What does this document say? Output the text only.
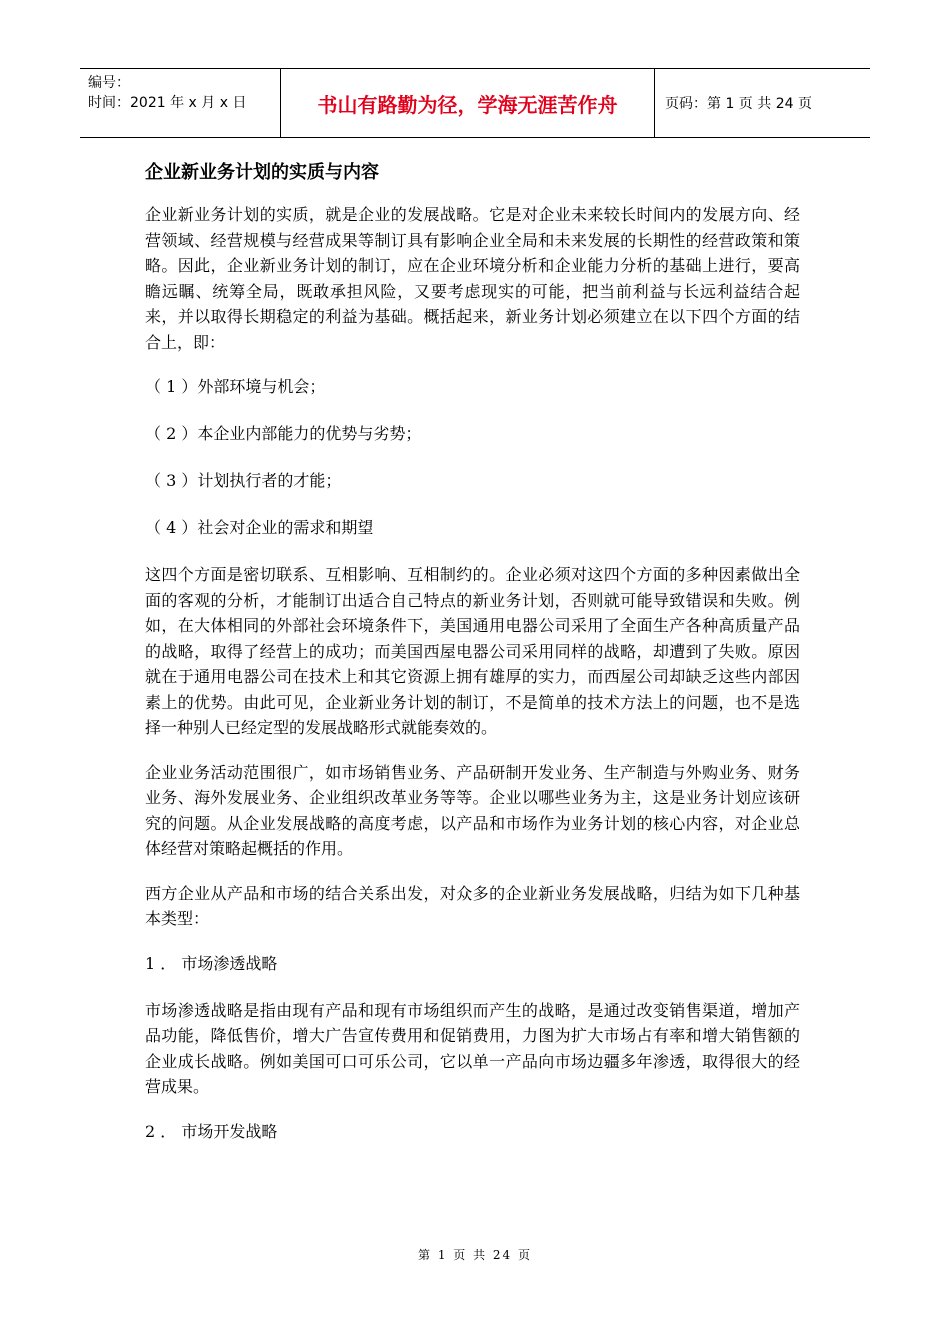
编号：
时间：2021 年 x 月 x 日	书山有路勤为径，学海无涯苦作舟	页码：第 1 页 共 24 页
企业新业务计划的实质与内容

企业新业务计划的实质，就是企业的发展战略。它是对企业未来较长时间内的发展方向、经营领域、经营规模与经营成果等制订具有影响企业全局和未来发展的长期性的经营政策和策略。因此，企业新业务计划的制订，应在企业环境分析和企业能力分析的基础上进行，要高瞻远瞩、统筹全局，既敢承担风险，又要考虑现实的可能，把当前利益与长远利益结合起来，并以取得长期稳定的利益为基础。概括起来，新业务计划必须建立在以下四个方面的结合上，即：

（ 1 ）外部环境与机会；

（ 2 ）本企业内部能力的优势与劣势；

（ 3 ）计划执行者的才能；

（ 4 ）社会对企业的需求和期望

这四个方面是密切联系、互相影响、互相制约的。企业必须对这四个方面的多种因素做出全面的客观的分析，才能制订出适合自己特点的新业务计划，否则就可能导致错误和失败。例如，在大体相同的外部社会环境条件下，美国通用电器公司采用了全面生产各种高质量产品的战略，取得了经营上的成功；而美国西屋电器公司采用同样的战略，却遭到了失败。原因就在于通用电器公司在技术上和其它资源上拥有雄厚的实力，而西屋公司却缺乏这些内部因素上的优势。由此可见，企业新业务计划的制订，不是简单的技术方法上的问题，也不是选择一种别人已经定型的发展战略形式就能奏效的。

企业业务活动范围很广，如市场销售业务、产品研制开发业务、生产制造与外购业务、财务业务、海外发展业务、企业组织改革业务等等。企业以哪些业务为主，这是业务计划应该研究的问题。从企业发展战略的高度考虑，以产品和市场作为业务计划的核心内容，对企业总体经营对策略起概括的作用。

西方企业从产品和市场的结合关系出发，对众多的企业新业务发展战略，归结为如下几种基本类型：

1 ． 市场渗透战略

市场渗透战略是指由现有产品和现有市场组织而产生的战略，是通过改变销售渠道，增加产品功能，降低售价，增大广告宣传费用和促销费用，力图为扩大市场占有率和增大销售额的企业成长战略。例如美国可口可乐公司，它以单一产品向市场边疆多年渗透，取得很大的经营成果。

2 ． 市场开发战略

第 1 页 共 24 页
